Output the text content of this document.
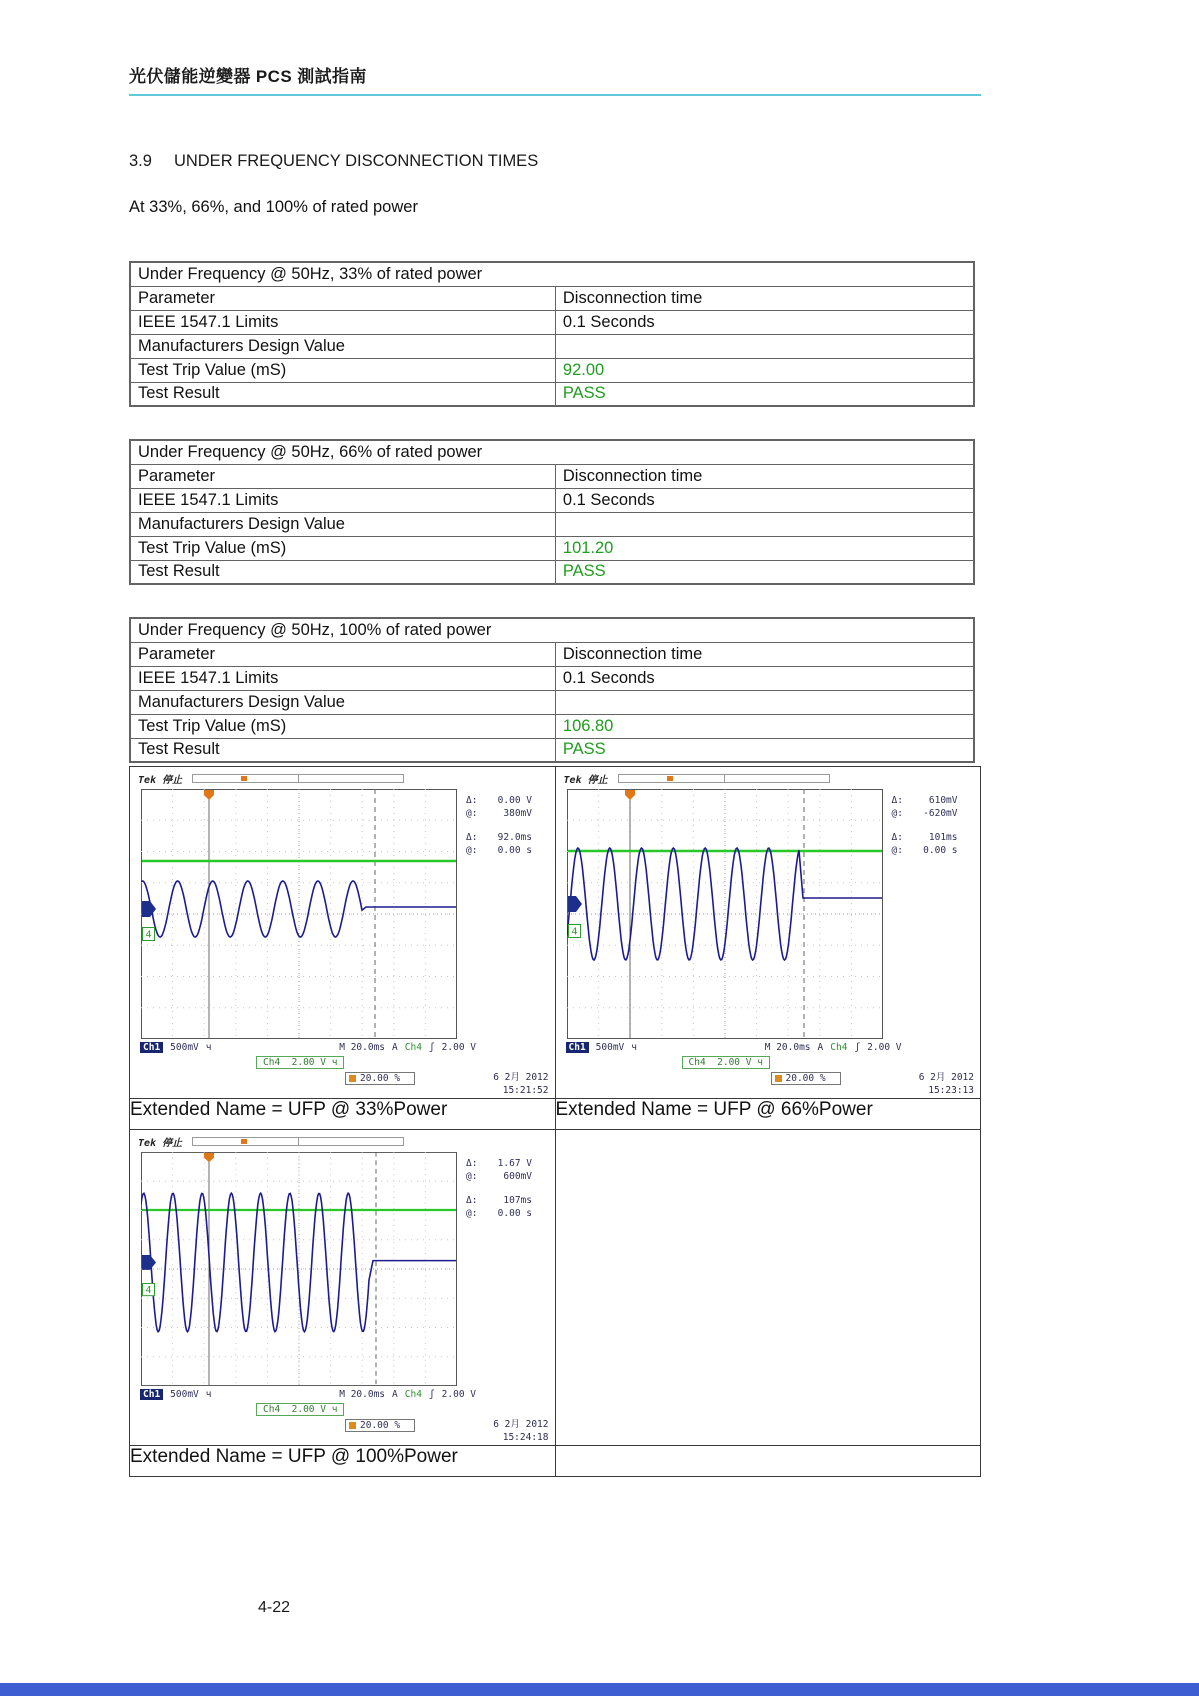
光伏儲能逆變器 PCS 測試指南
3.9 UNDER FREQUENCY DISCONNECTION TIMES
At 33%, 66%, and 100% of rated power
Under Frequency @ 50Hz, 33% of rated power	
Parameter	Disconnection time
IEEE 1547.1 Limits	0.1 Seconds
Manufacturers Design Value	
Test Trip Value (mS)	92.00
Test Result	PASS
Under Frequency @ 50Hz, 66% of rated power	
Parameter	Disconnection time
IEEE 1547.1 Limits	0.1 Seconds
Manufacturers Design Value	
Test Trip Value (mS)	101.20
Test Result	PASS
Under Frequency @ 50Hz, 100% of rated power	
Parameter	Disconnection time
IEEE 1547.1 Limits	0.1 Seconds
Manufacturers Design Value	
Test Trip Value (mS)	106.80
Test Result	PASS
Tek 停止
4
Δ:	0.00 V
@:	380mV
Δ:	92.0ms
@:	0.00 s
Ch1	500mV ч	M 20.0ms A Ch4 ʃ 2.00 V
Ch4 2.00 V ч
20.00 %	6 2月 2012
15:21:52

Tek 停止
4
Δ:	610mV
@:	-620mV
Δ:	101ms
@:	0.00 s
Ch1	500mV ч	M 20.0ms A Ch4 ʃ 2.00 V
Ch4 2.00 V ч
20.00 %	6 2月 2012
15:23:13

Extended Name = UFP @ 33%Power	Extended Name = UFP @ 66%Power

Tek 停止
4
Δ:	1.67 V
@:	600mV
Δ:	107ms
@:	0.00 s
Ch1	500mV ч	M 20.0ms A Ch4 ʃ 2.00 V
Ch4 2.00 V ч
20.00 %	6 2月 2012
15:24:18

Extended Name = UFP @ 100%Power	
4-22
